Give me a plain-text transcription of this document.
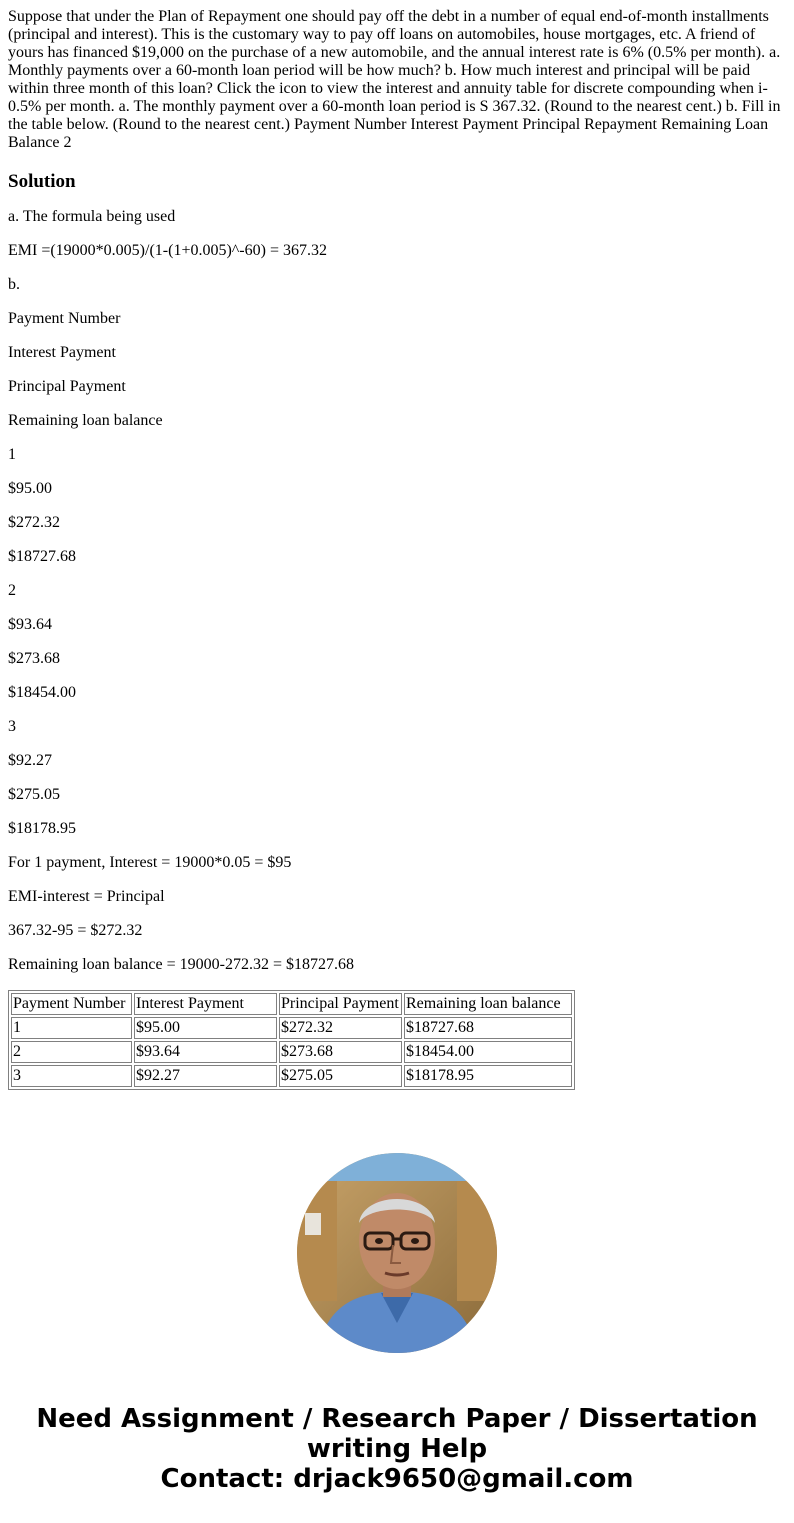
Suppose that under the Plan of Repayment one should pay off the debt in a number of equal end-of-month installments (principal and interest). This is the customary way to pay off loans on automobiles, house mortgages, etc. A friend of yours has financed $19,000 on the purchase of a new automobile, and the annual interest rate is 6% (0.5% per month). a. Monthly payments over a 60-month loan period will be how much? b. How much interest and principal will be paid within three month of this loan? Click the icon to view the interest and annuity table for discrete compounding when i-0.5% per month. a. The monthly payment over a 60-month loan period is S 367.32. (Round to the nearest cent.) b. Fill in the table below. (Round to the nearest cent.) Payment Number Interest Payment Principal Repayment Remaining Loan Balance 2
Solution

a. The formula being used

EMI =(19000*0.005)/(1-(1+0.005)^-60) = 367.32

b.

Payment Number

Interest Payment

Principal Payment

Remaining loan balance

1

$95.00

$272.32

$18727.68

2

$93.64

$273.68

$18454.00

3

$92.27

$275.05

$18178.95

For 1 payment, Interest = 19000*0.05 = $95

EMI-interest = Principal

367.32-95 = $272.32

Remaining loan balance = 19000-272.32 = $18727.68

Payment Number	Interest Payment	Principal Payment	Remaining loan balance
1	$95.00	$272.32	$18727.68
2	$93.64	$273.68	$18454.00
3	$92.27	$275.05	$18178.95
Need Assignment / Research Paper / Dissertation
writing Help
Contact: drjack9650@gmail.com
